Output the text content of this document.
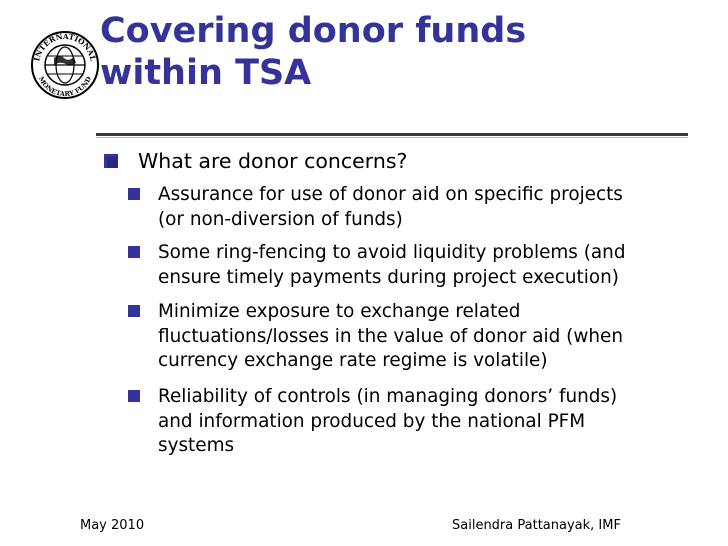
INTERNATIONAL
MONETARY FUND
Covering donor funds
within TSA
What are donor concerns?
Assurance for use of donor aid on specific projects
(or non-diversion of funds)
Some ring-fencing to avoid liquidity problems (and
ensure timely payments during project execution)
Minimize exposure to exchange related
fluctuations/losses in the value of donor aid (when
currency exchange rate regime is volatile)
Reliability of controls (in managing donors’ funds)
and information produced by the national PFM
systems
May 2010	Sailendra Pattanayak, IMF
